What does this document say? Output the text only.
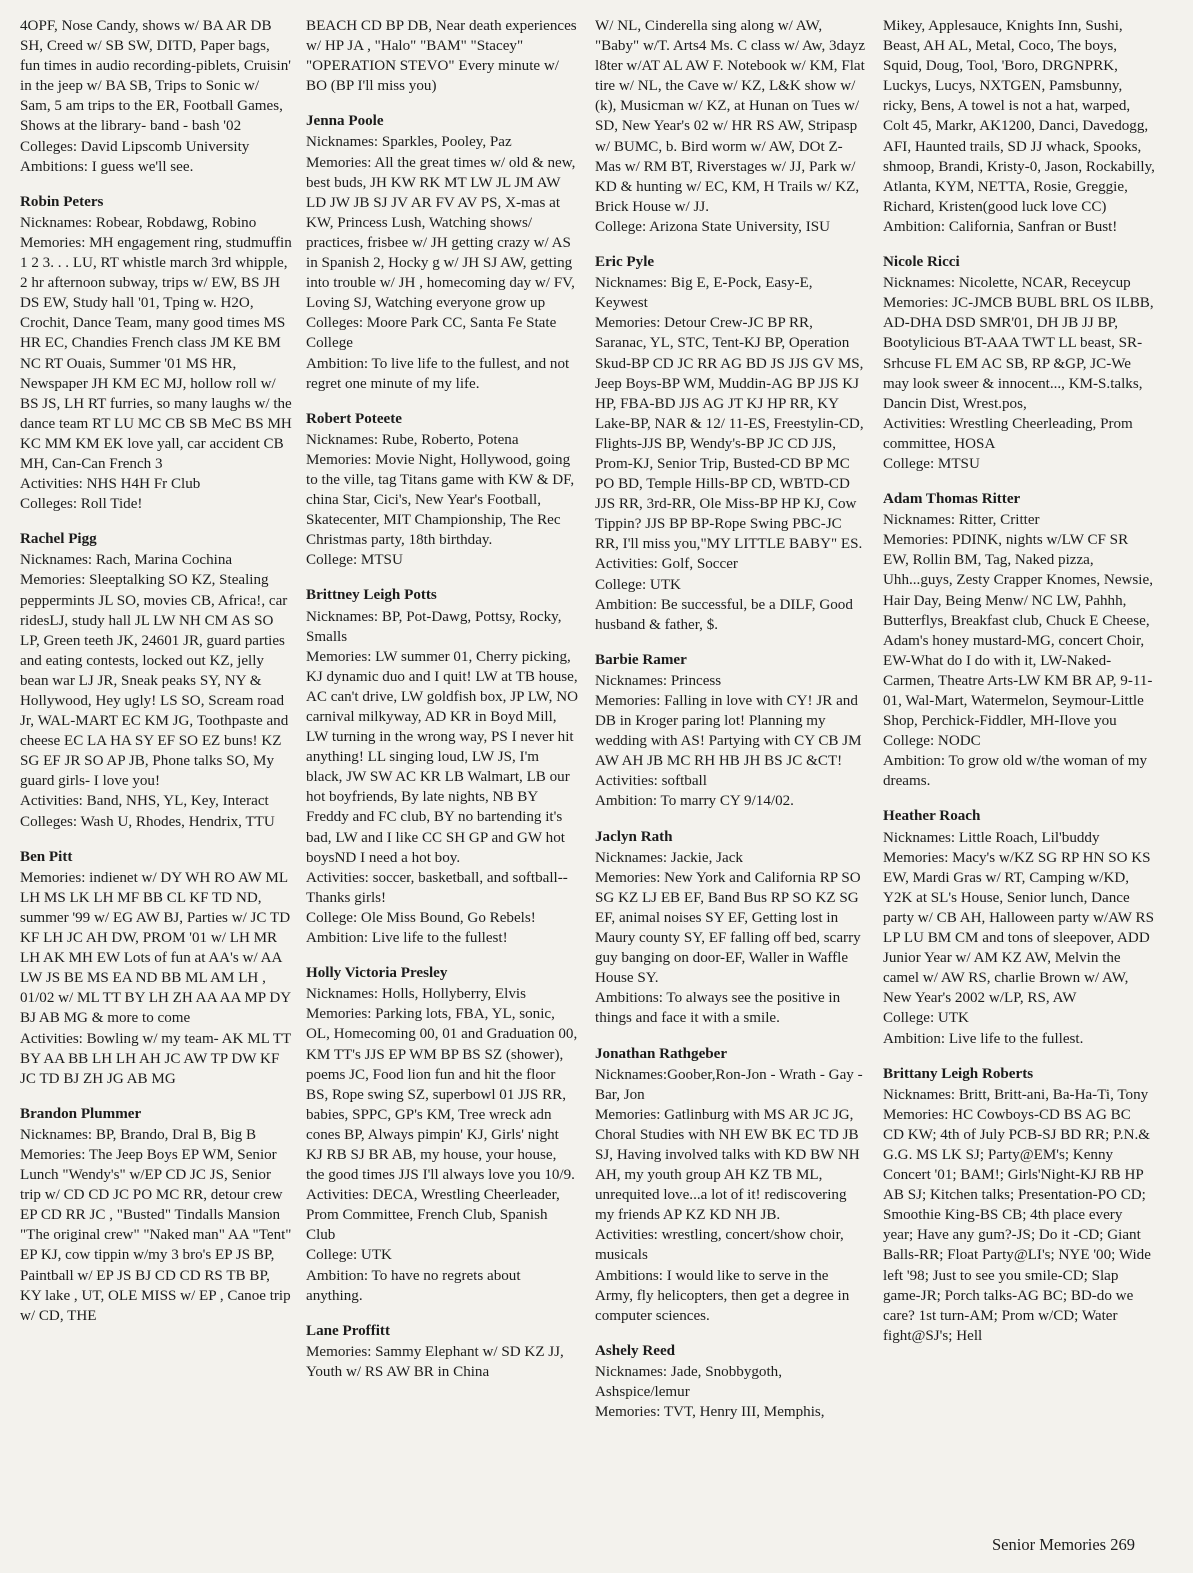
4OPF, Nose Candy, shows w/ BA AR DB SH, Creed w/ SB SW, DITD, Paper bags, fun times in audio recording-piblets, Cruisin' in the jeep w/ BA SB, Trips to Sonic w/ Sam, 5 am trips to the ER, Football Games, Shows at the library- band - bash '02

Colleges: David Lipscomb University

Ambitions: I guess we'll see.

Robin Peters

Nicknames: Robear, Robdawg, Robino

Memories: MH engagement ring, studmuffin 1 2 3. . . LU, RT whistle march 3rd whipple, 2 hr afternoon subway, trips w/ EW, BS JH DS EW, Study hall '01, Tping w. H2O, Crochit, Dance Team, many good times MS HR EC, Chandies French class JM KE BM NC RT Ouais, Summer '01 MS HR, Newspaper JH KM EC MJ, hollow roll w/ BS JS, LH RT furries, so many laughs w/ the dance team RT LU MC CB SB MeC BS MH KC MM KM EK love yall, car accident CB MH, Can-Can French 3

Activities: NHS H4H Fr Club

Colleges: Roll Tide!

Rachel Pigg

Nicknames: Rach, Marina Cochina

Memories: Sleeptalking SO KZ, Stealing peppermints JL SO, movies CB, Africa!, car ridesLJ, study hall JL LW NH CM AS SO LP, Green teeth JK, 24601 JR, guard parties and eating contests, locked out KZ, jelly bean war LJ JR, Sneak peaks SY, NY & Hollywood, Hey ugly! LS SO, Scream road Jr, WAL-MART EC KM JG, Toothpaste and cheese EC LA HA SY EF SO EZ buns! KZ SG EF JR SO AP JB, Phone talks SO, My guard girls- I love you!

Activities: Band, NHS, YL, Key, Interact

Colleges: Wash U, Rhodes, Hendrix, TTU

Ben Pitt

Memories: indienet w/ DY WH RO AW ML

LH MS LK LH MF BB CL KF TD ND, summer '99 w/ EG AW BJ, Parties w/ JC TD KF LH JC AH DW, PROM '01 w/ LH MR LH AK MH EW Lots of fun at AA's w/ AA LW JS BE MS EA ND BB ML AM LH , 01/02 w/ ML TT BY LH ZH AA AA MP DY BJ AB MG & more to come

Activities: Bowling w/ my team- AK ML TT BY AA BB LH LH AH JC AW TP DW KF JC TD BJ ZH JG AB MG

Brandon Plummer

Nicknames: BP, Brando, Dral B, Big B

Memories: The Jeep Boys EP WM, Senior Lunch "Wendy's" w/EP CD JC JS, Senior trip w/ CD CD JC PO MC RR, detour crew EP CD RR JC , "Busted" Tindalls Mansion "The original crew" "Naked man" AA "Tent" EP KJ, cow tippin w/my 3 bro's EP JS BP, Paintball w/ EP JS BJ CD CD RS TB BP, KY lake , UT, OLE MISS w/ EP , Canoe trip w/ CD, THE

BEACH CD BP DB, Near death experiences w/ HP JA , "Halo" "BAM" "Stacey" "OPERATION STEVO" Every minute w/ BO (BP I'll miss you)

Jenna Poole

Nicknames: Sparkles, Pooley, Paz

Memories: All the great times w/ old & new, best buds, JH KW RK MT LW JL JM AW LD JW JB SJ JV AR FV AV PS, X-mas at KW, Princess Lush, Watching shows/ practices, frisbee w/ JH getting crazy w/ AS in Spanish 2, Hocky g w/ JH SJ AW, getting into trouble w/ JH , homecoming day w/ FV, Loving SJ, Watching everyone grow up

Colleges: Moore Park CC, Santa Fe State College

Ambition: To live life to the fullest, and not regret one minute of my life.

Robert Poteete

Nicknames: Rube, Roberto, Potena

Memories: Movie Night, Hollywood, going to the ville, tag Titans game with KW & DF, china Star, Cici's, New Year's Football, Skatecenter, MIT Championship, The Rec Christmas party, 18th birthday.

College: MTSU

Brittney Leigh Potts

Nicknames: BP, Pot-Dawg, Pottsy, Rocky, Smalls

Memories: LW summer 01, Cherry picking, KJ dynamic duo and I quit! LW at TB house, AC can't drive, LW goldfish box, JP LW, NO carnival milkyway, AD KR in Boyd Mill, LW turning in the wrong way, PS I never hit anything! LL singing loud, LW JS, I'm black, JW SW AC KR LB Walmart, LB our hot boyfriends, By late nights, NB BY Freddy and FC club, BY no bartending it's bad, LW and I like CC SH GP and GW hot boysND I need a hot boy.

Activities: soccer, basketball, and softball--Thanks girls!

College: Ole Miss Bound, Go Rebels!

Ambition: Live life to the fullest!

Holly Victoria Presley

Nicknames: Holls, Hollyberry, Elvis

Memories: Parking lots, FBA, YL, sonic, OL, Homecoming 00, 01 and Graduation 00, KM TT's JJS EP WM BP BS SZ (shower), poems JC, Food lion fun and hit the floor BS, Rope swing SZ, superbowl 01 JJS RR, babies, SPPC, GP's KM, Tree wreck adn cones BP, Always pimpin' KJ, Girls' night KJ RB SJ BR AB, my house, your house, the good times JJS I'll always love you 10/9.

Activities: DECA, Wrestling Cheerleader, Prom Committee, French Club, Spanish Club

College: UTK

Ambition: To have no regrets about anything.

Lane Proffitt

Memories: Sammy Elephant w/ SD KZ JJ, Youth w/ RS AW BR in China

W/ NL, Cinderella sing along w/ AW, "Baby" w/T. Arts4 Ms. C class w/ Aw, 3dayz l8ter w/AT AL AW F. Notebook w/ KM, Flat tire w/ NL, the Cave w/ KZ, L&K show w/ (k), Musicman w/ KZ, at Hunan on Tues w/ SD, New Year's 02 w/ HR RS AW, Stripasp w/ BUMC, b. Bird worm w/ AW, DOt Z-Mas w/ RM BT, Riverstages w/ JJ, Park w/ KD & hunting w/ EC, KM, H Trails w/ KZ, Brick House w/ JJ.

College: Arizona State University, ISU

Eric Pyle

Nicknames: Big E, E-Pock, Easy-E, Keywest

Memories: Detour Crew-JC BP RR, Saranac, YL, STC, Tent-KJ BP, Operation Skud-BP CD JC RR AG BD JS JJS GV MS, Jeep Boys-BP WM, Muddin-AG BP JJS KJ HP, FBA-BD JJS AG JT KJ HP RR, KY Lake-BP, NAR & 12/ 11-ES, Freestylin-CD, Flights-JJS BP, Wendy's-BP JC CD JJS, Prom-KJ, Senior Trip, Busted-CD BP MC PO BD, Temple Hills-BP CD, WBTD-CD JJS RR, 3rd-RR, Ole Miss-BP HP KJ, Cow Tippin? JJS BP BP-Rope Swing PBC-JC RR, I'll miss you,"MY LITTLE BABY" ES.

Activities: Golf, Soccer

College: UTK

Ambition: Be successful, be a DILF, Good husband & father, $.

Barbie Ramer

Nicknames: Princess

Memories: Falling in love with CY! JR and DB in Kroger paring lot! Planning my wedding with AS! Partying with CY CB JM AW AH JB MC RH HB JH BS JC &CT!

Activities: softball

Ambition: To marry CY 9/14/02.

Jaclyn Rath

Nicknames: Jackie, Jack

Memories: New York and California RP SO SG KZ LJ EB EF, Band Bus RP SO KZ SG EF, animal noises SY EF, Getting lost in Maury county SY, EF falling off bed, scarry guy banging on door-EF, Waller in Waffle House SY.

Ambitions: To always see the positive in things and face it with a smile.

Jonathan Rathgeber

Nicknames:Goober,Ron-Jon - Wrath - Gay - Bar, Jon

Memories: Gatlinburg with MS AR JC JG, Choral Studies with NH EW BK EC TD JB SJ, Having involved talks with KD BW NH AH, my youth group AH KZ TB ML, unrequited love...a lot of it! rediscovering my friends AP KZ KD NH JB.

Activities: wrestling, concert/show choir, musicals

Ambitions: I would like to serve in the Army, fly helicopters, then get a degree in computer sciences.

Ashely Reed

Nicknames: Jade, Snobbygoth, Ashspice/lemur

Memories: TVT, Henry III, Memphis,

Mikey, Applesauce, Knights Inn, Sushi, Beast, AH AL, Metal, Coco, The boys, Squid, Doug, Tool, 'Boro, DRGNPRK, Luckys, Lucys, NXTGEN, Pamsbunny, ricky, Bens, A towel is not a hat, warped, Colt 45, Markr, AK1200, Danci, Davedogg, AFI, Haunted trails, SD JJ whack, Spooks, shmoop, Brandi, Kristy-0, Jason, Rockabilly, Atlanta, KYM, NETTA, Rosie, Greggie, Richard, Kristen(good luck love CC)

Ambition: California, Sanfran or Bust!

Nicole Ricci

Nicknames: Nicolette, NCAR, Receycup

Memories: JC-JMCB BUBL BRL OS ILBB, AD-DHA DSD SMR'01, DH JB JJ BP, Bootylicious BT-AAA TWT LL beast, SR-Srhcuse FL EM AC SB, RP &GP, JC-We may look sweer & innocent..., KM-S.talks, Dancin Dist, Wrest.pos,

Activities: Wrestling Cheerleading, Prom committee, HOSA

College: MTSU

Adam Thomas Ritter

Nicknames: Ritter, Critter

Memories: PDINK, nights w/LW CF SR EW, Rollin BM, Tag, Naked pizza, Uhh...guys, Zesty Crapper Knomes, Newsie, Hair Day, Being Menw/ NC LW, Pahhh, Butterflys, Breakfast club, Chuck E Cheese, Adam's honey mustard-MG, concert Choir, EW-What do I do with it, LW-Naked-Carmen, Theatre Arts-LW KM BR AP, 9-11-01, Wal-Mart, Watermelon, Seymour-Little Shop, Perchick-Fiddler, MH-Ilove you

College: NODC

Ambition: To grow old w/the woman of my dreams.

Heather Roach

Nicknames: Little Roach, Lil'buddy

Memories: Macy's w/KZ SG RP HN SO KS EW, Mardi Gras w/ RT, Camping w/KD, Y2K at SL's House, Senior lunch, Dance party w/ CB AH, Halloween party w/AW RS LP LU BM CM and tons of sleepover, ADD Junior Year w/ AM KZ AW, Melvin the camel w/ AW RS, charlie Brown w/ AW, New Year's 2002 w/LP, RS, AW

College: UTK

Ambition: Live life to the fullest.

Brittany Leigh Roberts

Nicknames: Britt, Britt-ani, Ba-Ha-Ti, Tony

Memories: HC Cowboys-CD BS AG BC CD KW; 4th of July PCB-SJ BD RR; P.N.& G.G. MS LK SJ; Party@EM's; Kenny Concert '01; BAM!; Girls'Night-KJ RB HP AB SJ; Kitchen talks; Presentation-PO CD; Smoothie King-BS CB; 4th place every year; Have any gum?-JS; Do it -CD; Giant Balls-RR; Float Party@LI's; NYE '00; Wide left '98; Just to see you smile-CD; Slap game-JR; Porch talks-AG BC; BD-do we care? 1st turn-AM; Prom w/CD; Water fight@SJ's; Hell

Senior Memories 269
